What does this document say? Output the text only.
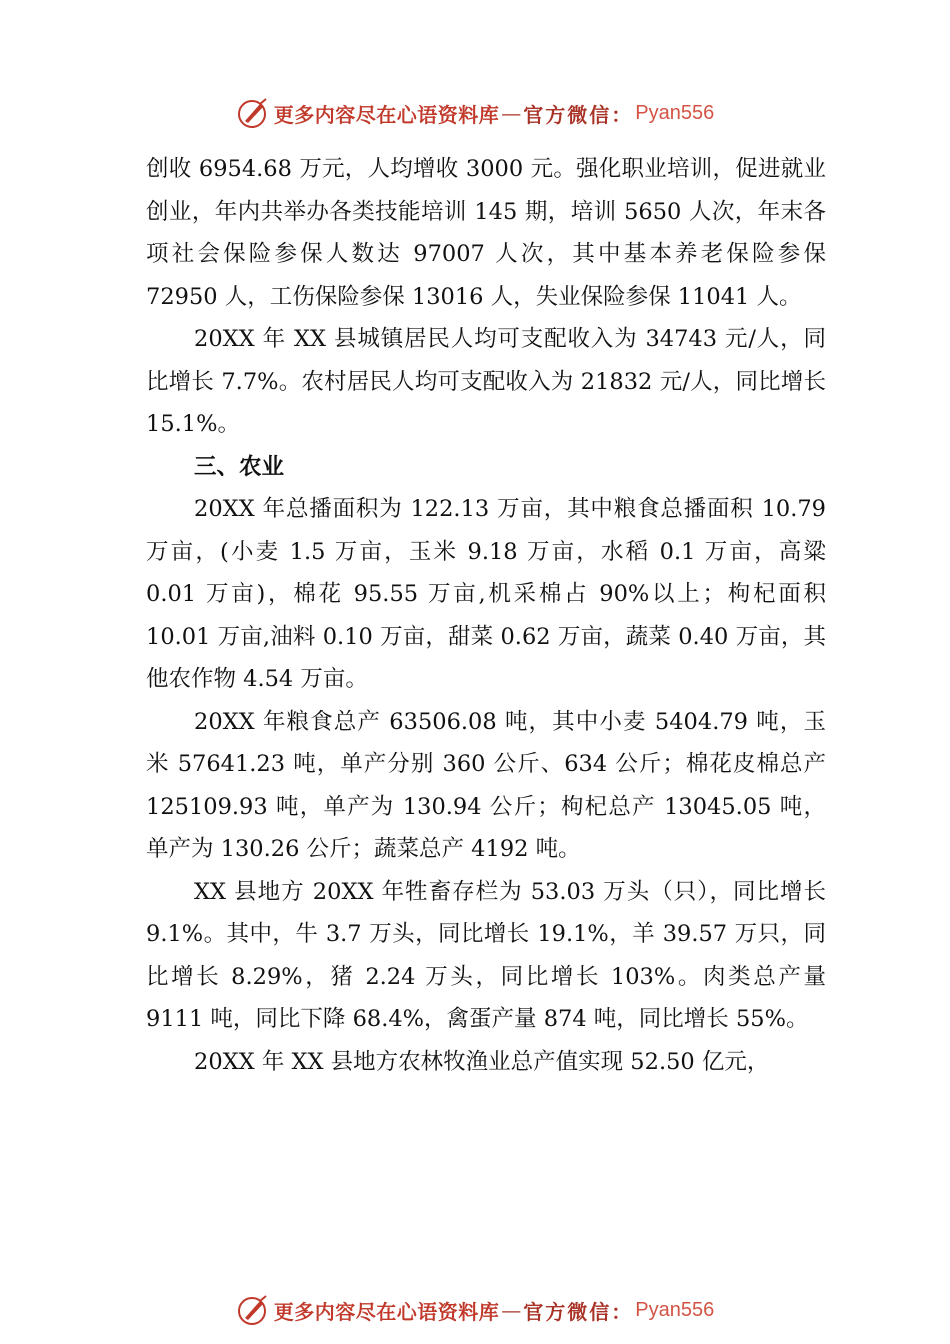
更多内容尽在心语资料库 — 官方微信： Pyan556

创收 6954.68 万元，人均增收 3000 元。强化职业培训，促进就业创业，年内共举办各类技能培训 145 期，培训 5650 人次，年末各项社会保险参保人数达 97007 人次，其中基本养老保险参保 72950 人，工伤保险参保 13016 人，失业保险参保 11041 人。

20XX 年 XX 县城镇居民人均可支配收入为 34743 元/人，同比增长 7.7%。农村居民人均可支配收入为 21832 元/人，同比增长 15.1%。

三、农业

20XX 年总播面积为 122.13 万亩，其中粮食总播面积 10.79 万亩，(小麦 1.5 万亩，玉米 9.18 万亩，水稻 0.1 万亩，高粱 0.01 万亩)，棉花 95.55 万亩,机采棉占 90%以上；枸杞面积 10.01 万亩,油料 0.10 万亩，甜菜 0.62 万亩，蔬菜 0.40 万亩，其他农作物 4.54 万亩。

20XX 年粮食总产 63506.08 吨，其中小麦 5404.79 吨，玉米 57641.23 吨，单产分别 360 公斤、634 公斤；棉花皮棉总产 125109.93 吨，单产为 130.94 公斤；枸杞总产 13045.05 吨，单产为 130.26 公斤；蔬菜总产 4192 吨。

XX 县地方 20XX 年牲畜存栏为 53.03 万头（只），同比增长 9.1%。其中，牛 3.7 万头，同比增长 19.1%，羊 39.57 万只，同比增长 8.29%，猪 2.24 万头，同比增长 103%。肉类总产量 9111 吨，同比下降 68.4%，禽蛋产量 874 吨，同比增长 55%。

20XX 年 XX 县地方农林牧渔业总产值实现 52.50 亿元，

更多内容尽在心语资料库 — 官方微信： Pyan556
